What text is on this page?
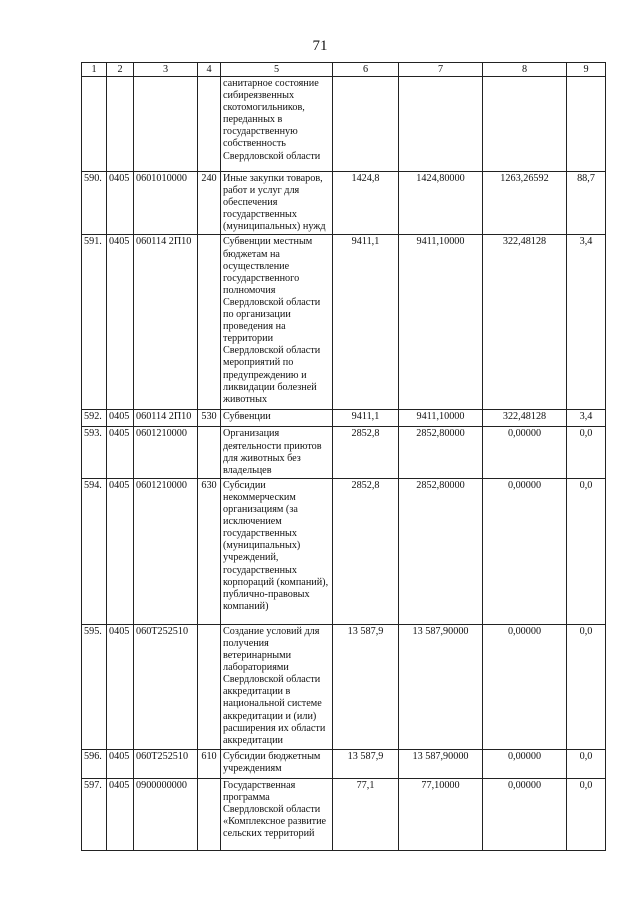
71
1	2	3	4	5	6	7	8	9
				санитарное состояние сибиреязвенных скотомогильников, переданных в государственную собственность Свердловской области				
590.	0405	0601010000	240	Иные закупки товаров, работ и услуг для обеспечения государственных (муниципальных) нужд	1424,8	1424,80000	1263,26592	88,7
591.	0405	060114 2П10		Субвенции местным бюджетам на осуществление государственного полномочия Свердловской области по организации проведения на территории Свердловской области мероприятий по предупреждению и ликвидации болезней животных	9411,1	9411,10000	322,48128	3,4
592.	0405	060114 2П10	530	Субвенции	9411,1	9411,10000	322,48128	3,4
593.	0405	0601210000		Организация деятельности приютов для животных без владельцев	2852,8	2852,80000	0,00000	0,0
594.	0405	0601210000	630	Субсидии некоммерческим организациям (за исключением государственных (муниципальных) учреждений, государственных корпораций (компаний), публично-правовых компаний)	2852,8	2852,80000	0,00000	0,0
595.	0405	060T252510		Создание условий для получения ветеринарными лабораториями Свердловской области аккредитации в национальной системе аккредитации и (или) расширения их области аккредитации	13 587,9	13 587,90000	0,00000	0,0
596.	0405	060T252510	610	Субсидии бюджетным учреждениям	13 587,9	13 587,90000	0,00000	0,0
597.	0405	0900000000		Государственная программа Свердловской области «Комплексное развитие сельских территорий	77,1	77,10000	0,00000	0,0
